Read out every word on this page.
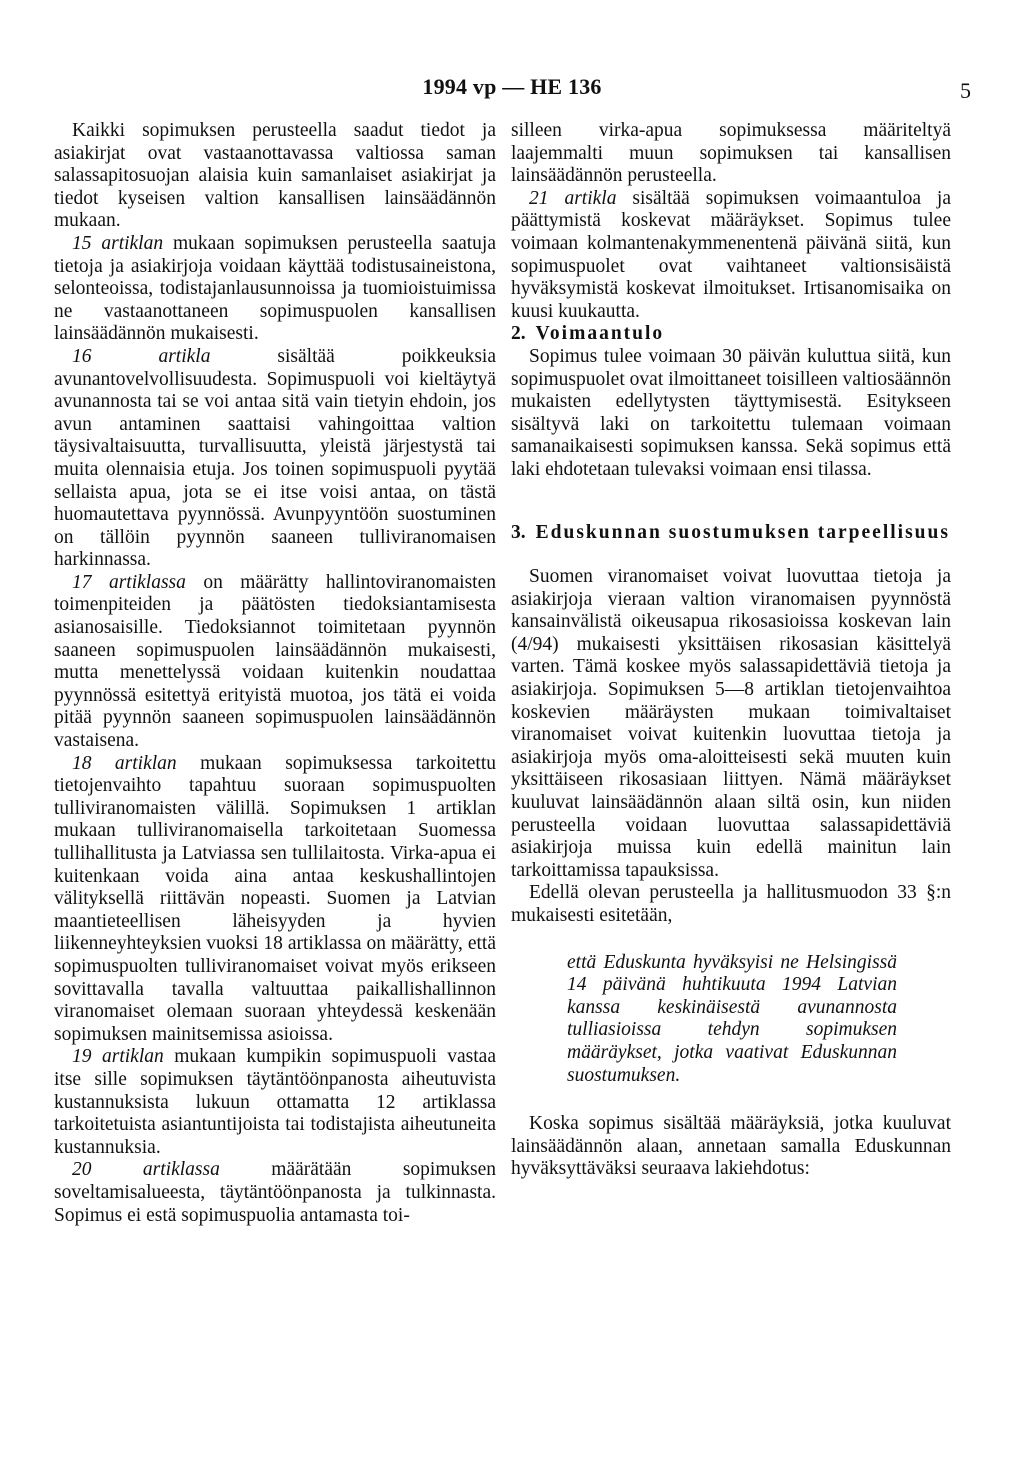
1994 vp — HE 136	5

Kaikki sopimuksen perusteella saadut tiedot ja asiakirjat ovat vastaanottavassa valtiossa saman salassapitosuojan alaisia kuin samanlaiset asiakirjat ja tiedot kyseisen valtion kansallisen lainsäädännön mukaan.

15 artiklan mukaan sopimuksen perusteella saatuja tietoja ja asiakirjoja voidaan käyttää todistusaineistona, selonteoissa, todistajanlausunnoissa ja tuomioistuimissa ne vastaanottaneen sopimuspuolen kansallisen lainsäädännön mukaisesti.

16 artikla sisältää poikkeuksia avunantovelvollisuudesta. Sopimuspuoli voi kieltäytyä avunannosta tai se voi antaa sitä vain tietyin ehdoin, jos avun antaminen saattaisi vahingoittaa valtion täysivaltaisuutta, turvallisuutta, yleistä järjestystä tai muita olennaisia etuja. Jos toinen sopimuspuoli pyytää sellaista apua, jota se ei itse voisi antaa, on tästä huomautettava pyynnössä. Avunpyyntöön suostuminen on tällöin pyynnön saaneen tulliviranomaisen harkinnassa.

17 artiklassa on määrätty hallintoviranomaisten toimenpiteiden ja päätösten tiedoksiantamisesta asianosaisille. Tiedoksiannot toimitetaan pyynnön saaneen sopimuspuolen lainsäädännön mukaisesti, mutta menettelyssä voidaan kuitenkin noudattaa pyynnössä esitettyä erityistä muotoa, jos tätä ei voida pitää pyynnön saaneen sopimuspuolen lainsäädännön vastaisena.

18 artiklan mukaan sopimuksessa tarkoitettu tietojenvaihto tapahtuu suoraan sopimuspuolten tulliviranomaisten välillä. Sopimuksen 1 artiklan mukaan tulliviranomaisella tarkoitetaan Suomessa tullihallitusta ja Latviassa sen tullilaitosta. Virka-apua ei kuitenkaan voida aina antaa keskushallintojen välityksellä riittävän nopeasti. Suomen ja Latvian maantieteellisen läheisyyden ja hyvien liikenneyhteyksien vuoksi 18 artiklassa on määrätty, että sopimuspuolten tulliviranomaiset voivat myös erikseen sovittavalla tavalla valtuuttaa paikallishallinnon viranomaiset olemaan suoraan yhteydessä keskenään sopimuksen mainitsemissa asioissa.

19 artiklan mukaan kumpikin sopimuspuoli vastaa itse sille sopimuksen täytäntöönpanosta aiheutuvista kustannuksista lukuun ottamatta 12 artiklassa tarkoitetuista asiantuntijoista tai todistajista aiheutuneita kustannuksia.

20 artiklassa määrätään sopimuksen soveltamisalueesta, täytäntöönpanosta ja tulkinnasta. Sopimus ei estä sopimuspuolia antamasta toi-

silleen virka-apua sopimuksessa määriteltyä laajemmalti muun sopimuksen tai kansallisen lainsäädännön perusteella.

21 artikla sisältää sopimuksen voimaantuloa ja päättymistä koskevat määräykset. Sopimus tulee voimaan kolmantenakymmenentenä päivänä siitä, kun sopimuspuolet ovat vaihtaneet valtionsisäistä hyväksymistä koskevat ilmoitukset. Irtisanomisaika on kuusi kuukautta.

2. Voimaantulo

Sopimus tulee voimaan 30 päivän kuluttua siitä, kun sopimuspuolet ovat ilmoittaneet toisilleen valtiosäännön mukaisten edellytysten täyttymisestä. Esitykseen sisältyvä laki on tarkoitettu tulemaan voimaan samanaikaisesti sopimuksen kanssa. Sekä sopimus että laki ehdotetaan tulevaksi voimaan ensi tilassa.

3. Eduskunnan suostumuksen tarpeellisuus

Suomen viranomaiset voivat luovuttaa tietoja ja asiakirjoja vieraan valtion viranomaisen pyynnöstä kansainvälistä oikeusapua rikosasioissa koskevan lain (4/94) mukaisesti yksittäisen rikosasian käsittelyä varten. Tämä koskee myös salassapidettäviä tietoja ja asiakirjoja. Sopimuksen 5—8 artiklan tietojenvaihtoa koskevien määräysten mukaan toimivaltaiset viranomaiset voivat kuitenkin luovuttaa tietoja ja asiakirjoja myös oma-aloitteisesti sekä muuten kuin yksittäiseen rikosasiaan liittyen. Nämä määräykset kuuluvat lainsäädännön alaan siltä osin, kun niiden perusteella voidaan luovuttaa salassapidettäviä asiakirjoja muissa kuin edellä mainitun lain tarkoittamissa tapauksissa.

Edellä olevan perusteella ja hallitusmuodon 33 §:n mukaisesti esitetään,

että Eduskunta hyväksyisi ne Helsingissä 14 päivänä huhtikuuta 1994 Latvian kanssa keskinäisestä avunannosta tulliasioissa tehdyn sopimuksen määräykset, jotka vaativat Eduskunnan suostumuksen.

Koska sopimus sisältää määräyksiä, jotka kuuluvat lainsäädännön alaan, annetaan samalla Eduskunnan hyväksyttäväksi seuraava lakiehdotus:
